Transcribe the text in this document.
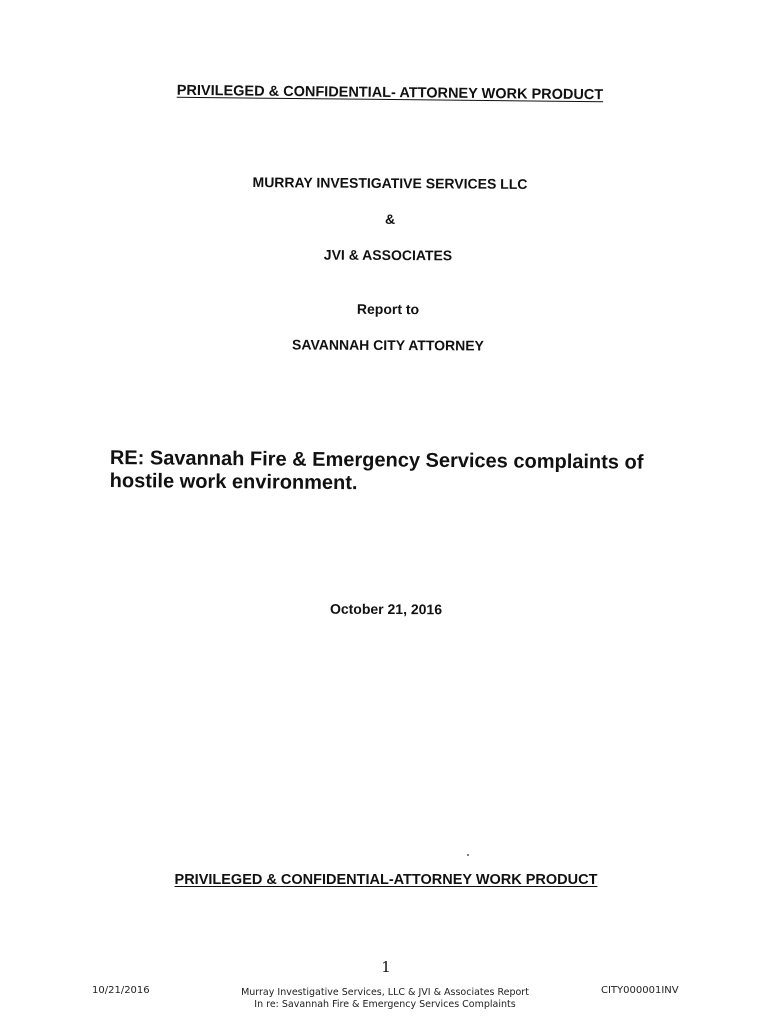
PRIVILEGED & CONFIDENTIAL- ATTORNEY WORK PRODUCT
MURRAY INVESTIGATIVE SERVICES LLC
&
JVI & ASSOCIATES
Report to
SAVANNAH CITY ATTORNEY
RE: Savannah Fire & Emergency Services complaints of hostile work environment.
October 21, 2016
PRIVILEGED & CONFIDENTIAL-ATTORNEY WORK PRODUCT
1
10/21/2016	Murray Investigative Services, LLC & JVI & Associates Report
In re: Savannah Fire & Emergency Services Complaints
CITY000001INV
